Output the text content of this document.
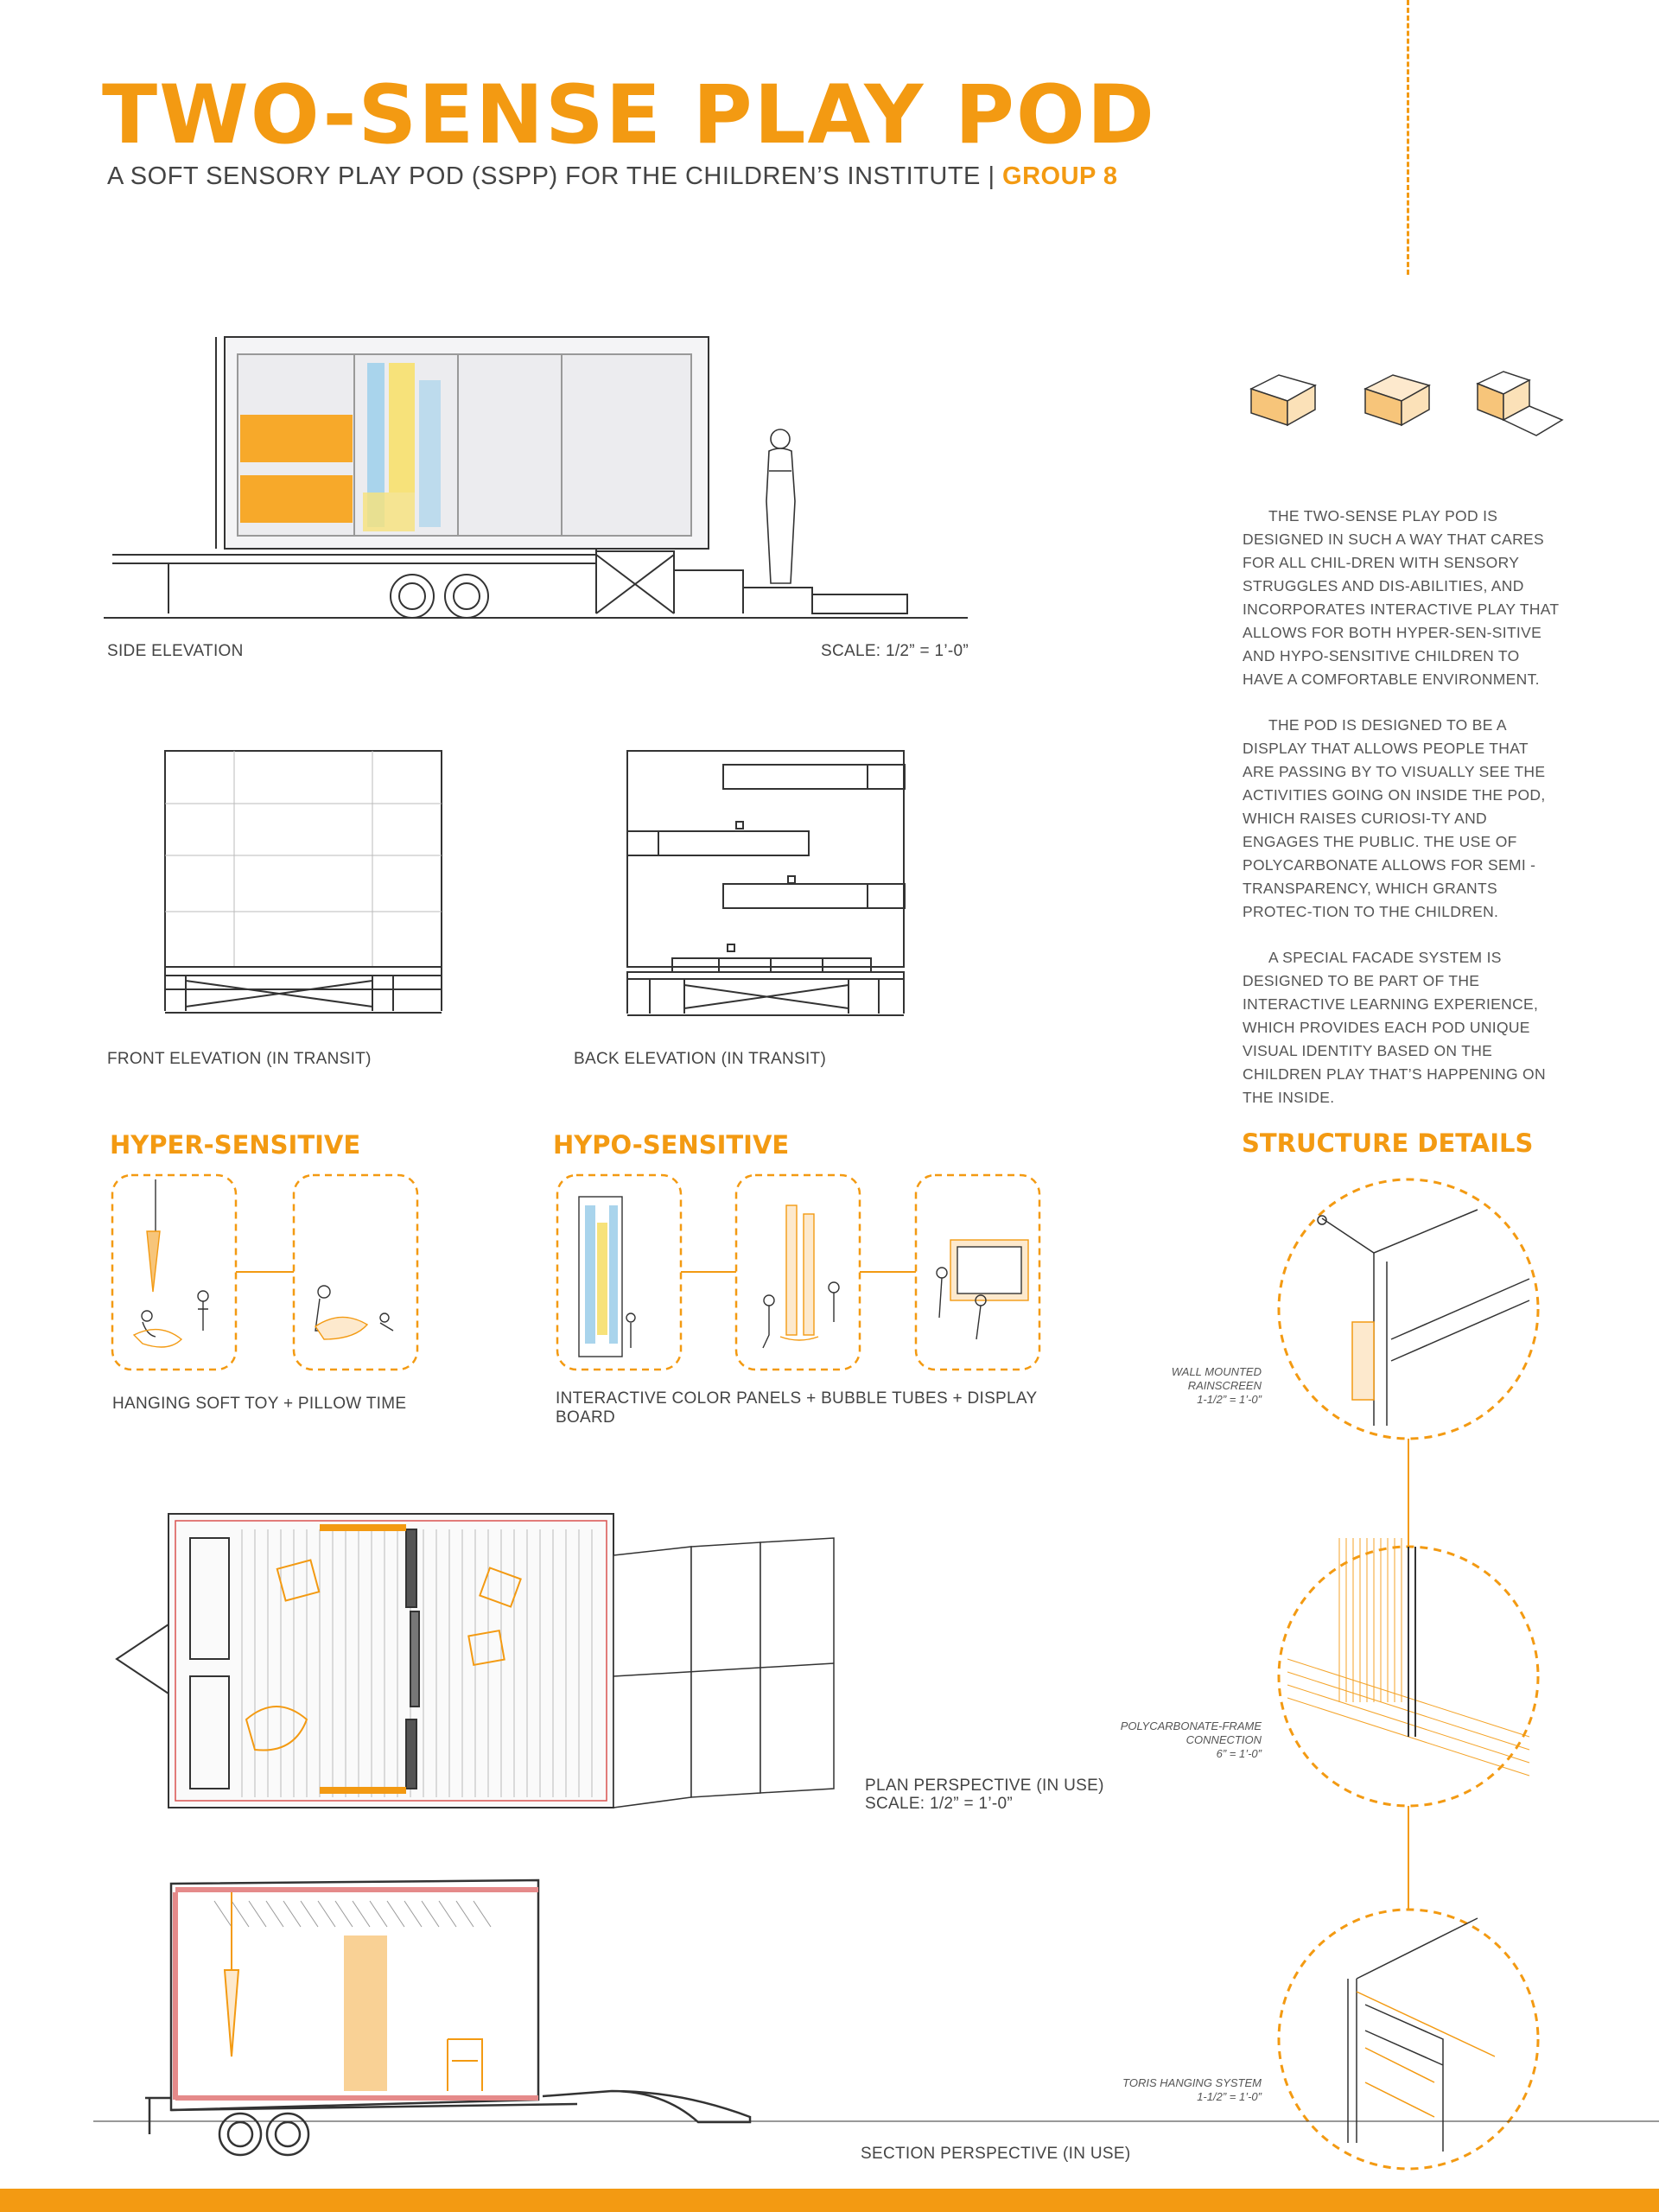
TWO-SENSE PLAY POD
A SOFT SENSORY PLAY POD (SSPP) FOR THE CHILDREN’S INSTITUTE | GROUP 8
SIDE ELEVATION	SCALE: 1/2” = 1’-0”
FRONT ELEVATION (IN TRANSIT)	BACK ELEVATION (IN TRANSIT)

THE TWO-SENSE PLAY POD IS DESIGNED IN SUCH A WAY THAT CARES FOR ALL CHIL-DREN WITH SENSORY STRUGGLES AND DIS-ABILITIES, AND INCORPORATES INTERACTIVE PLAY THAT ALLOWS FOR BOTH HYPER-SEN-SITIVE AND HYPO-SENSITIVE CHILDREN TO HAVE A COMFORTABLE ENVIRONMENT.

THE POD IS DESIGNED TO BE A DISPLAY THAT ALLOWS PEOPLE THAT ARE PASSING BY TO VISUALLY SEE THE ACTIVITIES GOING ON INSIDE THE POD, WHICH RAISES CURIOSI-TY AND ENGAGES THE PUBLIC. THE USE OF POLYCARBONATE ALLOWS FOR SEMI - TRANSPARENCY, WHICH GRANTS PROTEC-TION TO THE CHILDREN.

A SPECIAL FACADE SYSTEM IS DESIGNED TO BE PART OF THE INTERACTIVE LEARNING EXPERIENCE, WHICH PROVIDES EACH POD UNIQUE VISUAL IDENTITY BASED ON THE CHILDREN PLAY THAT’S HAPPENING ON THE INSIDE.

HYPER-SENSITIVE	HYPO-SENSITIVE
HANGING SOFT TOY + PILLOW TIME	INTERACTIVE COLOR PANELS + BUBBLE TUBES + DISPLAY
BOARD
STRUCTURE DETAILS
WALL MOUNTED
RAINSCREEN
1-1/2” = 1’-0”
POLYCARBONATE-FRAME
CONNECTION
6” = 1’-0”
TORIS HANGING SYSTEM
1-1/2” = 1’-0”
PLAN PERSPECTIVE (IN USE)
SCALE: 1/2” = 1’-0”
SECTION PERSPECTIVE (IN USE)
